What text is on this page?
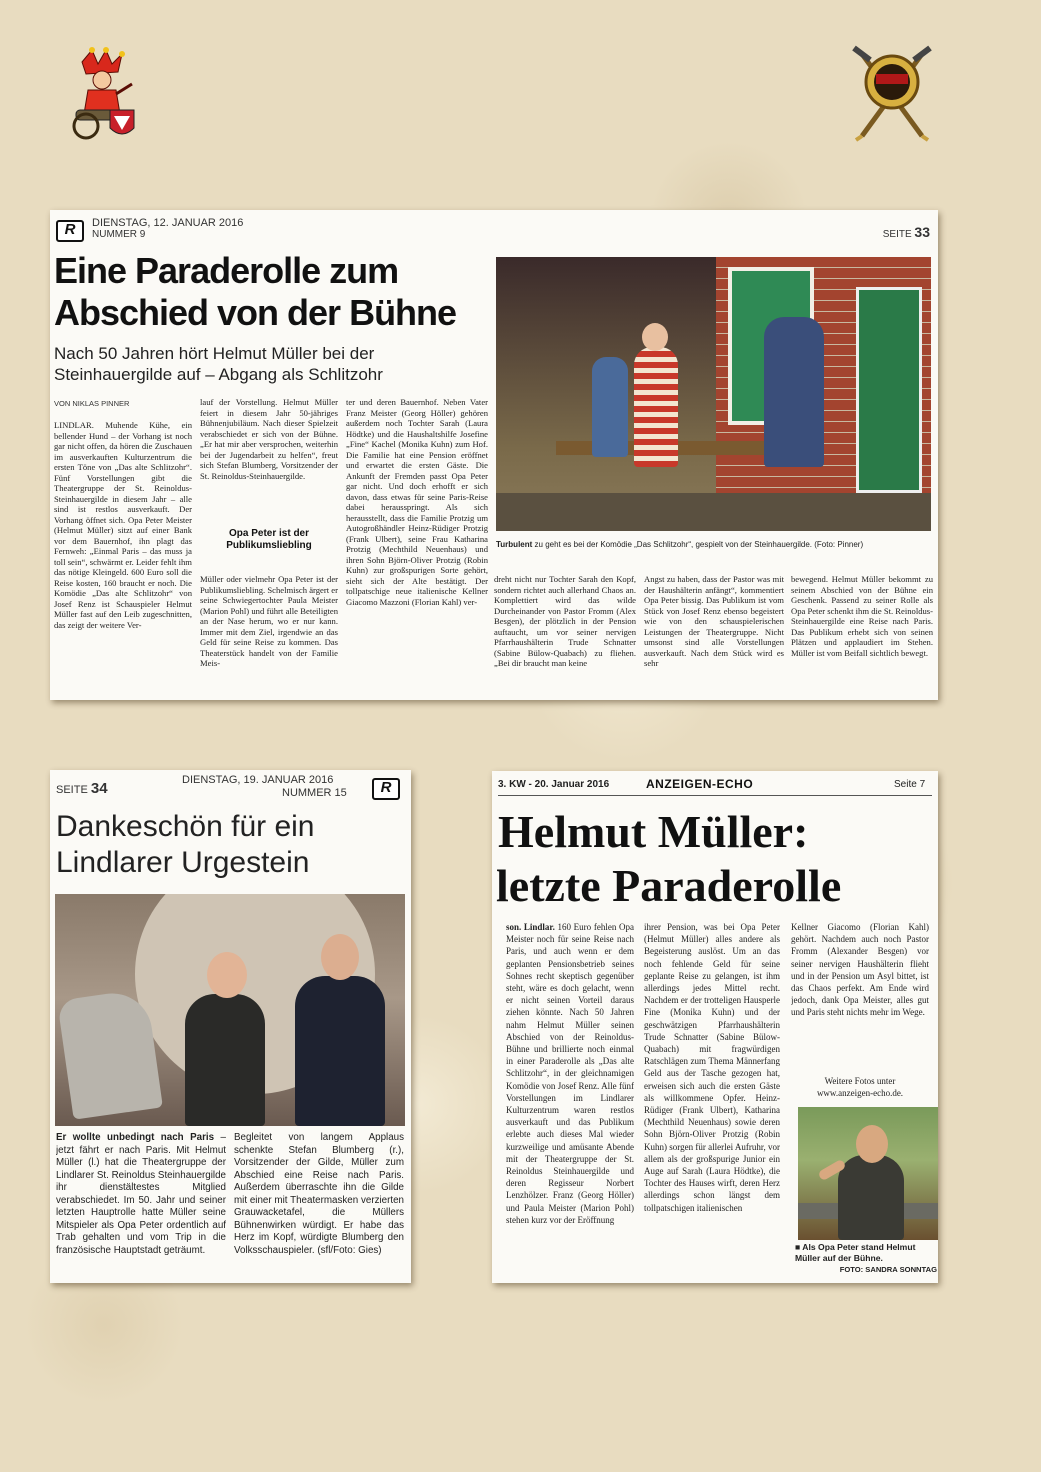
R	DIENSTAG, 12. JANUAR 2016
NUMMER 9	SEITE 33
Eine Paraderolle zum
Abschied von der Bühne
Nach 50 Jahren hört Helmut Müller bei der
Steinhauergilde auf – Abgang als Schlitzohr
VON NIKLAS PINNER
LINDLAR. Muhende Kühe, ein bellender Hund – der Vorhang ist noch gar nicht offen, da hören die Zuschauen im ausverkauften Kulturzentrum die ersten Töne von „Das alte Schlitzohr“. Fünf Vorstellungen gibt die Theatergruppe der St. Reinoldus-Steinhauergilde in diesem Jahr – alle sind ist restlos ausverkauft. Der Vorhang öffnet sich. Opa Peter Meister (Helmut Müller) sitzt auf einer Bank vor dem Bauernhof, ihn plagt das Fernweh: „Einmal Paris – das muss ja toll sein“, schwärmt er. Leider fehlt ihm das nötige Kleingeld. 600 Euro soll die Reise kosten, 160 braucht er noch. Die Komödie „Das alte Schlitzohr“ von Josef Renz ist Schauspieler Helmut Müller fast auf den Leib zugeschnitten, das zeigt der weitere Ver-
lauf der Vorstellung. Helmut Müller feiert in diesem Jahr 50-jähriges Bühnenjubiläum. Nach dieser Spielzeit verabschiedet er sich von der Bühne. „Er hat mir aber versprochen, weiterhin bei der Jugendarbeit zu helfen“, freut sich Stefan Blumberg, Vorsitzender der St. Reinoldus-Steinhauergilde.
Opa Peter ist der
Publikumsliebling
Müller oder vielmehr Opa Peter ist der Publikumsliebling. Schelmisch ärgert er seine Schwiegertochter Paula Meister (Marion Pohl) und führt alle Beteiligten an der Nase herum, wo er nur kann. Immer mit dem Ziel, irgendwie an das Geld für seine Reise zu kommen. Das Theaterstück handelt von der Familie Meis-
ter und deren Bauernhof. Neben Vater Franz Meister (Georg Höller) gehören außerdem noch Tochter Sarah (Laura Hödtke) und die Haushaltshilfe Josefine „Fine“ Kachel (Monika Kuhn) zum Hof. Die Familie hat eine Pension eröffnet und erwartet die ersten Gäste. Die Ankunft der Fremden passt Opa Peter gar nicht. Und doch erhofft er sich davon, dass etwas für seine Paris-Reise dabei herausspringt. Als sich herausstellt, dass die Familie Protzig um Autogroßhändler Heinz-Rüdiger Protzig (Frank Ulbert), seine Frau Katharina Protzig (Mechthild Neuenhaus) und ihren Sohn Björn-Oliver Protzig (Robin Kuhn) zur großspurigen Sorte gehört, sieht sich der Alte bestätigt. Der tollpatschige neue italienische Kellner Giacomo Mazzoni (Florian Kahl) ver-
dreht nicht nur Tochter Sarah den Kopf, sondern richtet auch allerhand Chaos an. Komplettiert wird das wilde Durcheinander von Pastor Fromm (Alex Besgen), der plötzlich in der Pension auftaucht, um vor seiner nervigen Pfarrhaushälterin Trude Schnatter (Sabine Bülow-Quabach) zu fliehen. „Bei dir braucht man keine
Angst zu haben, dass der Pastor was mit der Haushälterin anfängt“, kommentiert Opa Peter bissig. Das Publikum ist vom Stück von Josef Renz ebenso begeistert wie von den schauspielerischen Leistungen der Theatergruppe. Nicht umsonst sind alle Vorstellungen ausverkauft. Nach dem Stück wird es sehr
bewegend. Helmut Müller bekommt zu seinem Abschied von der Bühne ein Geschenk. Passend zu seiner Rolle als Opa Peter schenkt ihm die St. Reinoldus-Steinhauergilde eine Reise nach Paris. Das Publikum erhebt sich von seinen Plätzen und applaudiert im Stehen. Müller ist vom Beifall sichtlich bewegt.
Turbulent zu geht es bei der Komödie „Das Schlitzohr“, gespielt von der Steinhauergilde. (Foto: Pinner)
SEITE 34	DIENSTAG, 19. JANUAR 2016
NUMMER 15	R
Dankeschön für ein
Lindlarer Urgestein
Er wollte unbedingt nach Paris – jetzt fährt er nach Paris. Mit Helmut Müller (l.) hat die Theatergruppe der Lindlarer St. Reinoldus Steinhauergilde ihr dienstältestes Mitglied verabschiedet. Im 50. Jahr und seiner letzten Hauptrolle hatte Müller seine Mitspieler als Opa Peter ordentlich auf Trab gehalten und vom Trip in die französische Hauptstadt geträumt.
Begleitet von langem Applaus schenkte Stefan Blumberg (r.), Vorsitzender der Gilde, Müller zum Abschied eine Reise nach Paris. Außerdem überraschte ihn die Gilde mit einer mit Theatermasken verzierten Grauwacketafel, die Müllers Bühnenwirken würdigt. Er habe das Herz im Kopf, würdigte Blumberg den Volksschauspieler. (sfl/Foto: Gies)
3. KW - 20. Januar 2016	ANZEIGEN-ECHO	Seite 7
Helmut Müller:
letzte Paraderolle
son. Lindlar. 160 Euro fehlen Opa Meister noch für seine Reise nach Paris, und auch wenn er dem geplanten Pensionsbetrieb seines Sohnes recht skeptisch gegenüber steht, wäre es doch gelacht, wenn er nicht seinen Vorteil daraus ziehen könnte. Nach 50 Jahren nahm Helmut Müller seinen Abschied von der Reinoldus-Bühne und brillierte noch einmal in einer Paraderolle als „Das alte Schlitzohr“, in der gleichnamigen Komödie von Josef Renz. Alle fünf Vorstellungen im Lindlarer Kulturzentrum waren restlos ausverkauft und das Publikum erlebte auch dieses Mal wieder kurzweilige und amüsante Abende mit der Theatergruppe der St. Reinoldus Steinhauergilde und deren Regisseur Norbert Lenzhölzer. Franz (Georg Höller) und Paula Meister (Marion Pohl) stehen kurz vor der Eröffnung
ihrer Pension, was bei Opa Peter (Helmut Müller) alles andere als Begeisterung auslöst. Um an das noch fehlende Geld für seine geplante Reise zu gelangen, ist ihm allerdings jedes Mittel recht. Nachdem er der trotteligen Hausperle Fine (Monika Kuhn) und der geschwätzigen Pfarrhaushälterin Trude Schnatter (Sabine Bülow-Quabach) mit fragwürdigen Ratschlägen zum Thema Männerfang Geld aus der Tasche gezogen hat, erweisen sich auch die ersten Gäste als willkommene Opfer. Heinz-Rüdiger (Frank Ulbert), Katharina (Mechthild Neuenhaus) sowie deren Sohn Björn-Oliver Protzig (Robin Kuhn) sorgen für allerlei Aufruhr, vor allem als der großspurige Junior ein Auge auf Sarah (Laura Hödtke), die Tochter des Hauses wirft, deren Herz allerdings schon längst dem tollpatschigen italienischen
Kellner Giacomo (Florian Kahl) gehört. Nachdem auch noch Pastor Fromm (Alexander Besgen) vor seiner nervigen Haushälterin flieht und in der Pension um Asyl bittet, ist das Chaos perfekt. Am Ende wird jedoch, dank Opa Meister, alles gut und Paris steht nichts mehr im Wege.
Weitere Fotos unter
www.anzeigen-echo.de.
■ Als Opa Peter stand Helmut
Müller auf der Bühne.
FOTO: SANDRA SONNTAG
